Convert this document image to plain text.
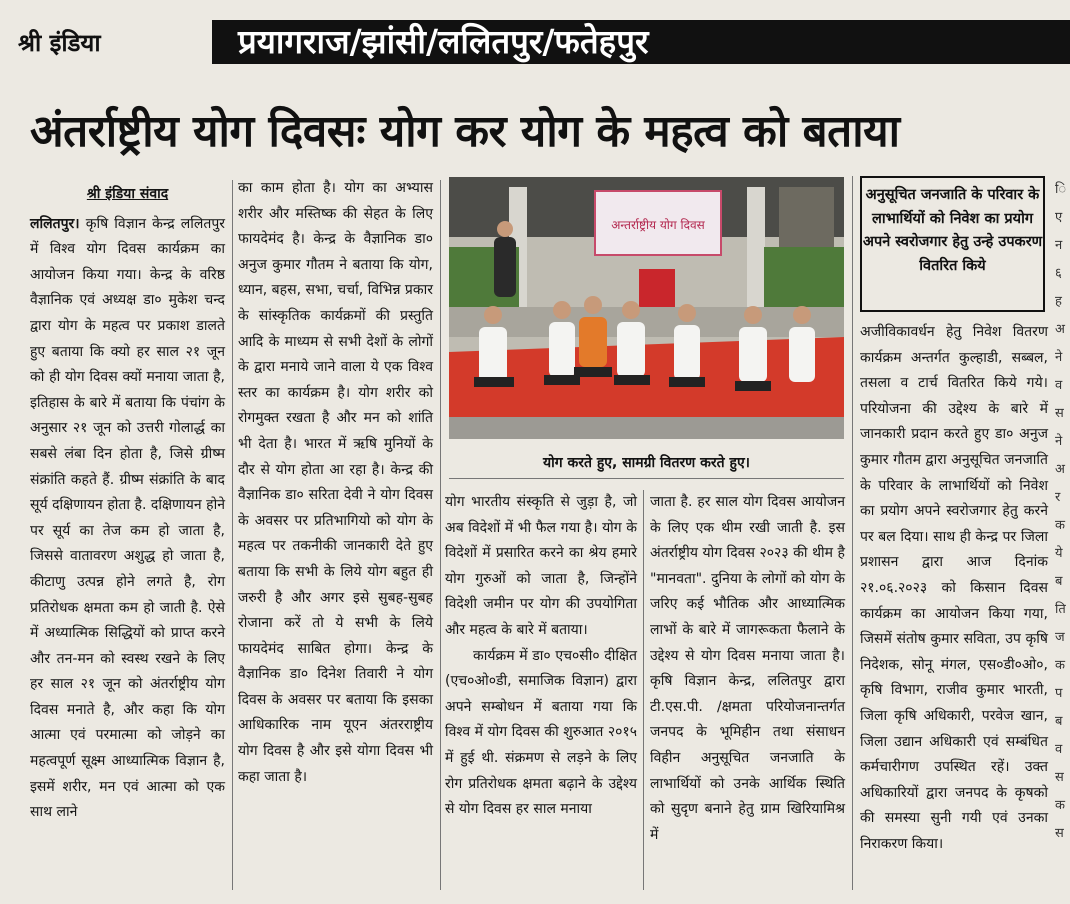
श्री इंडिया	प्रयागराज/झांसी/ललितपुर/फतेहपुर
अंतर्राष्ट्रीय योग दिवसः योग कर योग के महत्व को बताया

श्री इंडिया संवाद

ललितपुर। कृषि विज्ञान केन्द्र ललितपुर में विश्व योग दिवस कार्यक्रम का आयोजन किया गया। केन्द्र के वरिष्ठ वैज्ञानिक एवं अध्यक्ष डा० मुकेश चन्द द्वारा योग के महत्व पर प्रकाश डालते हुए बताया कि क्यो हर साल २१ जून को ही योग दिवस क्यों मनाया जाता है, इतिहास के बारे में बताया कि पंचांग के अनुसार २१ जून को उत्तरी गोलार्द्ध का सबसे लंबा दिन होता है, जिसे ग्रीष्म संक्रांति कहते हैं. ग्रीष्म संक्रांति के बाद सूर्य दक्षिणायन होता है. दक्षिणायन होने पर सूर्य का तेज कम हो जाता है, जिससे वातावरण अशुद्ध हो जाता है, कीटाणु उत्पन्न होने लगते है, रोग प्रतिरोधक क्षमता कम हो जाती है. ऐसे में अध्यात्मिक सिद्धियों को प्राप्त करने और तन-मन को स्वस्थ रखने के लिए हर साल २१ जून को अंतर्राष्ट्रीय योग दिवस मनाते है, और कहा कि योग आत्मा एवं परमात्मा को जोड़ने का महत्वपूर्ण सूक्ष्म आध्यात्मिक विज्ञान है, इसमें शरीर, मन एवं आत्मा को एक साथ लाने

का काम होता है। योग का अभ्यास शरीर और मस्तिष्क की सेहत के लिए फायदेमंद है। केन्द्र के वैज्ञानिक डा० अनुज कुमार गौतम ने बताया कि योग, ध्यान, बहस, सभा, चर्चा, विभिन्न प्रकार के सांस्कृतिक कार्यक्रमों की प्रस्तुति आदि के माध्यम से सभी देशों के लोगों के द्वारा मनाये जाने वाला ये एक विश्व स्तर का कार्यक्रम है। योग शरीर को रोगमुक्त रखता है और मन को शांति भी देता है। भारत में ऋषि मुनियों के दौर से योग होता आ रहा है। केन्द्र की वैज्ञानिक डा० सरिता देवी ने योग दिवस के अवसर पर प्रतिभागियो को योग के महत्व पर तकनीकी जानकारी देते हुए बताया कि सभी के लिये योग बहुत ही जरुरी है और अगर इसे सुबह-सुबह रोजाना करें तो ये सभी के लिये फायदेमंद साबित होगा। केन्द्र के वैज्ञानिक डा० दिनेश तिवारी ने योग दिवस के अवसर पर बताया कि इसका आधिकारिक नाम यूएन अंतरराष्ट्रीय योग दिवस है और इसे योगा दिवस भी कहा जाता है।

अन्तर्राष्ट्रीय योग दिवस
योग करते हुए, सामग्री वितरण करते हुए।

योग भारतीय संस्कृति से जुड़ा है, जो अब विदेशों में भी फैल गया है। योग के विदेशों में प्रसारित करने का श्रेय हमारे योग गुरुओं को जाता है, जिन्होंने विदेशी जमीन पर योग की उपयोगिता और महत्व के बारे में बताया।

कार्यक्रम में डा० एच०सी० दीक्षित (एच०ओ०डी, समाजिक विज्ञान) द्वारा अपने सम्बोधन में बताया गया कि विश्व में योग दिवस की शुरुआत २०१५ में हुई थी. संक्रमण से लड़ने के लिए रोग प्रतिरोधक क्षमता बढ़ाने के उद्देश्य से योग दिवस हर साल मनाया

जाता है. हर साल योग दिवस आयोजन के लिए एक थीम रखी जाती है. इस अंतर्राष्ट्रीय योग दिवस २०२३ की थीम है "मानवता". दुनिया के लोगों को योग के जरिए कई भौतिक और आध्यात्मिक लाभों के बारे में जागरूकता फैलाने के उद्देश्य से योग दिवस मनाया जाता है। कृषि विज्ञान केन्द्र, ललितपुर द्वारा टी.एस.पी. /क्षमता परियोजनान्तर्गत जनपद के भूमिहीन तथा संसाधन विहीन अनुसूचित जनजाति के लाभार्थियों को उनके आर्थिक स्थिति को सुदृण बनाने हेतु ग्राम खिरियामिश्र में

अनुसूचित जनजाति के परिवार के लाभार्थियों को निवेश का प्रयोग अपने स्वरोजगार हेतु उन्हे उपकरण वितरित किये

अजीविकावर्धन हेतु निवेश वितरण कार्यक्रम अन्तर्गत कुल्हाडी, सब्बल, तसला व टार्च वितरित किये गये। परियोजना की उद्देश्य के बारे में जानकारी प्रदान करते हुए डा० अनुज कुमार गौतम द्वारा अनुसूचित जनजाति के परिवार के लाभार्थियों को निवेश का प्रयोग अपने स्वरोजगार हेतु करने पर बल दिया। साथ ही केन्द्र पर जिला प्रशासन द्वारा आज दिनांक २१.०६.२०२३ को किसान दिवस कार्यक्रम का आयोजन किया गया, जिसमें संतोष कुमार सविता, उप कृषि निदेशक, सोनू मंगल, एस०डी०ओ०, कृषि विभाग, राजीव कुमार भारती, जिला कृषि अधिकारी, परवेज खान, जिला उद्यान अधिकारी एवं सम्बंधित कर्मचारीगण उपस्थित रहें। उक्त अधिकारियों द्वारा जनपद के कृषको की समस्या सुनी गयी एवं उनका निराकरण किया।

ि
ए
न
६
ह
अ
ने
व
स
ने
अ
र
क
ये
ब
ति
ज
क
प
ब
व
स
क
स
